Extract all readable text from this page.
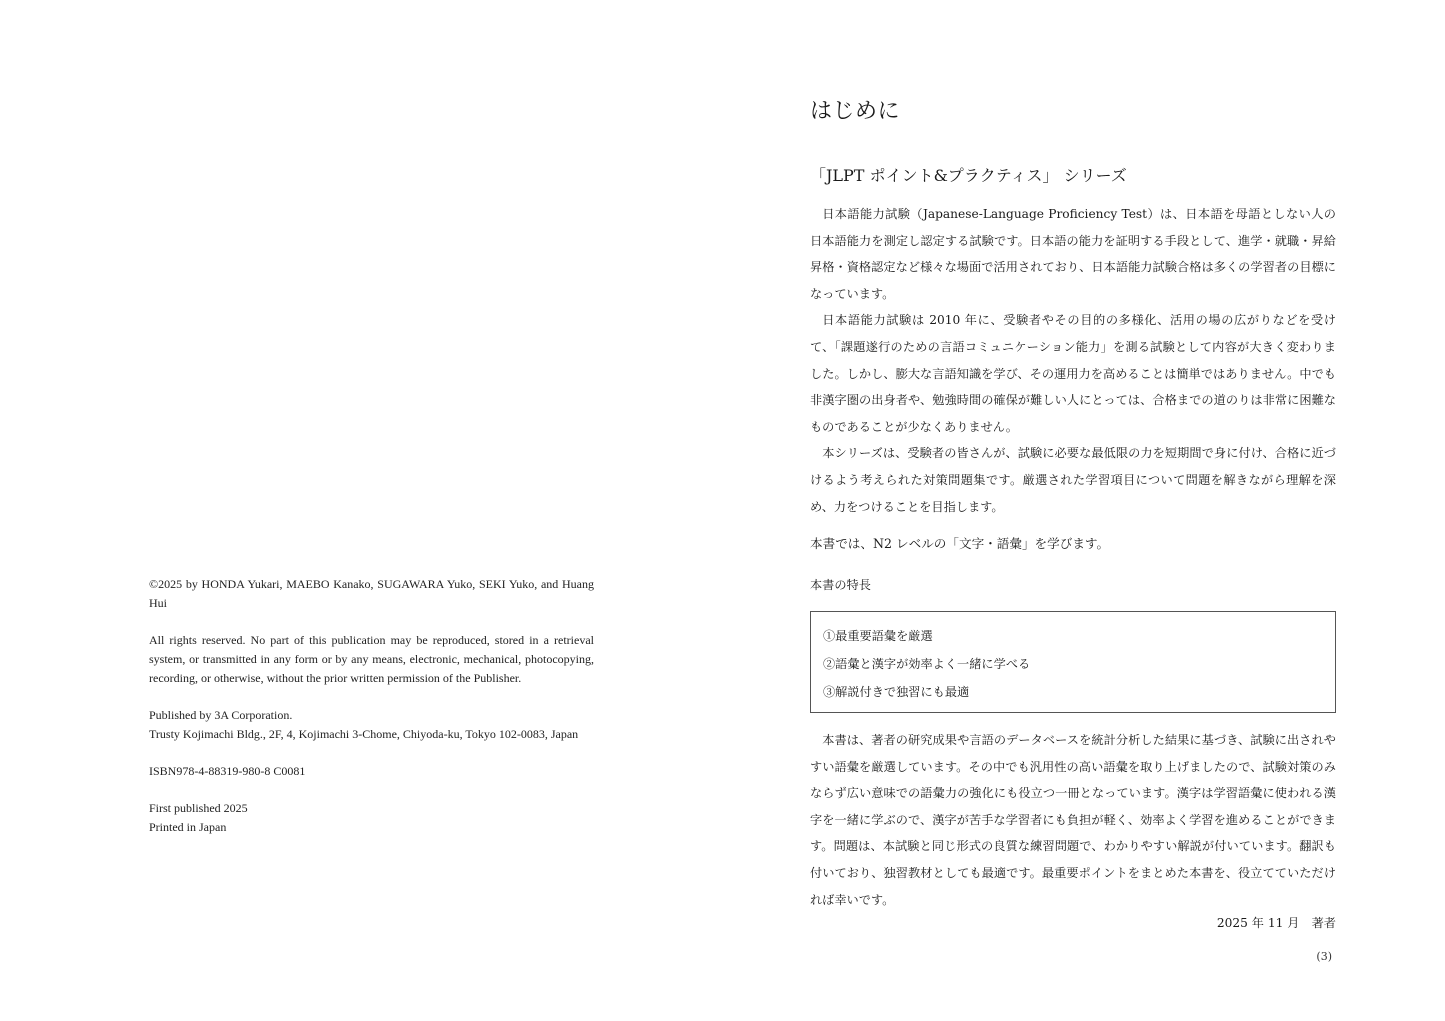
©2025 by HONDA Yukari, MAEBO Kanako, SUGAWARA Yuko, SEKI Yuko, and Huang Hui

All rights reserved. No part of this publication may be reproduced, stored in a retrieval system, or transmitted in any form or by any means, electronic, mechanical, photocopying, recording, or otherwise, without the prior written permission of the Publisher.

Published by 3A Corporation.
Trusty Kojimachi Bldg., 2F, 4, Kojimachi 3-Chome, Chiyoda-ku, Tokyo 102-0083, Japan

ISBN978-4-88319-980-8 C0081

First published 2025
Printed in Japan

はじめに
「JLPT ポイント&プラクティス」 シリーズ

日本語能力試験（Japanese-Language Proficiency Test）は、日本語を母語としない人の日本語能力を測定し認定する試験です。日本語の能力を証明する手段として、進学・就職・昇給昇格・資格認定など様々な場面で活用されており、日本語能力試験合格は多くの学習者の目標になっています。

日本語能力試験は 2010 年に、受験者やその目的の多様化、活用の場の広がりなどを受けて、「課題遂行のための言語コミュニケーション能力」を測る試験として内容が大きく変わりました。しかし、膨大な言語知識を学び、その運用力を高めることは簡単ではありません。中でも非漢字圏の出身者や、勉強時間の確保が難しい人にとっては、合格までの道のりは非常に困難なものであることが少なくありません。

本シリーズは、受験者の皆さんが、試験に必要な最低限の力を短期間で身に付け、合格に近づけるよう考えられた対策問題集です。厳選された学習項目について問題を解きながら理解を深め、力をつけることを目指します。

本書では、N2 レベルの「文字・語彙」を学びます。
本書の特長
①最重要語彙を厳選
②語彙と漢字が効率よく一緒に学べる
③解説付きで独習にも最適

本書は、著者の研究成果や言語のデータベースを統計分析した結果に基づき、試験に出されやすい語彙を厳選しています。その中でも汎用性の高い語彙を取り上げましたので、試験対策のみならず広い意味での語彙力の強化にも役立つ一冊となっています。漢字は学習語彙に使われる漢字を一緒に学ぶので、漢字が苦手な学習者にも負担が軽く、効率よく学習を進めることができます。問題は、本試験と同じ形式の良質な練習問題で、わかりやすい解説が付いています。翻訳も付いており、独習教材としても最適です。最重要ポイントをまとめた本書を、役立てていただければ幸いです。

2025 年 11 月　著者
(3)
